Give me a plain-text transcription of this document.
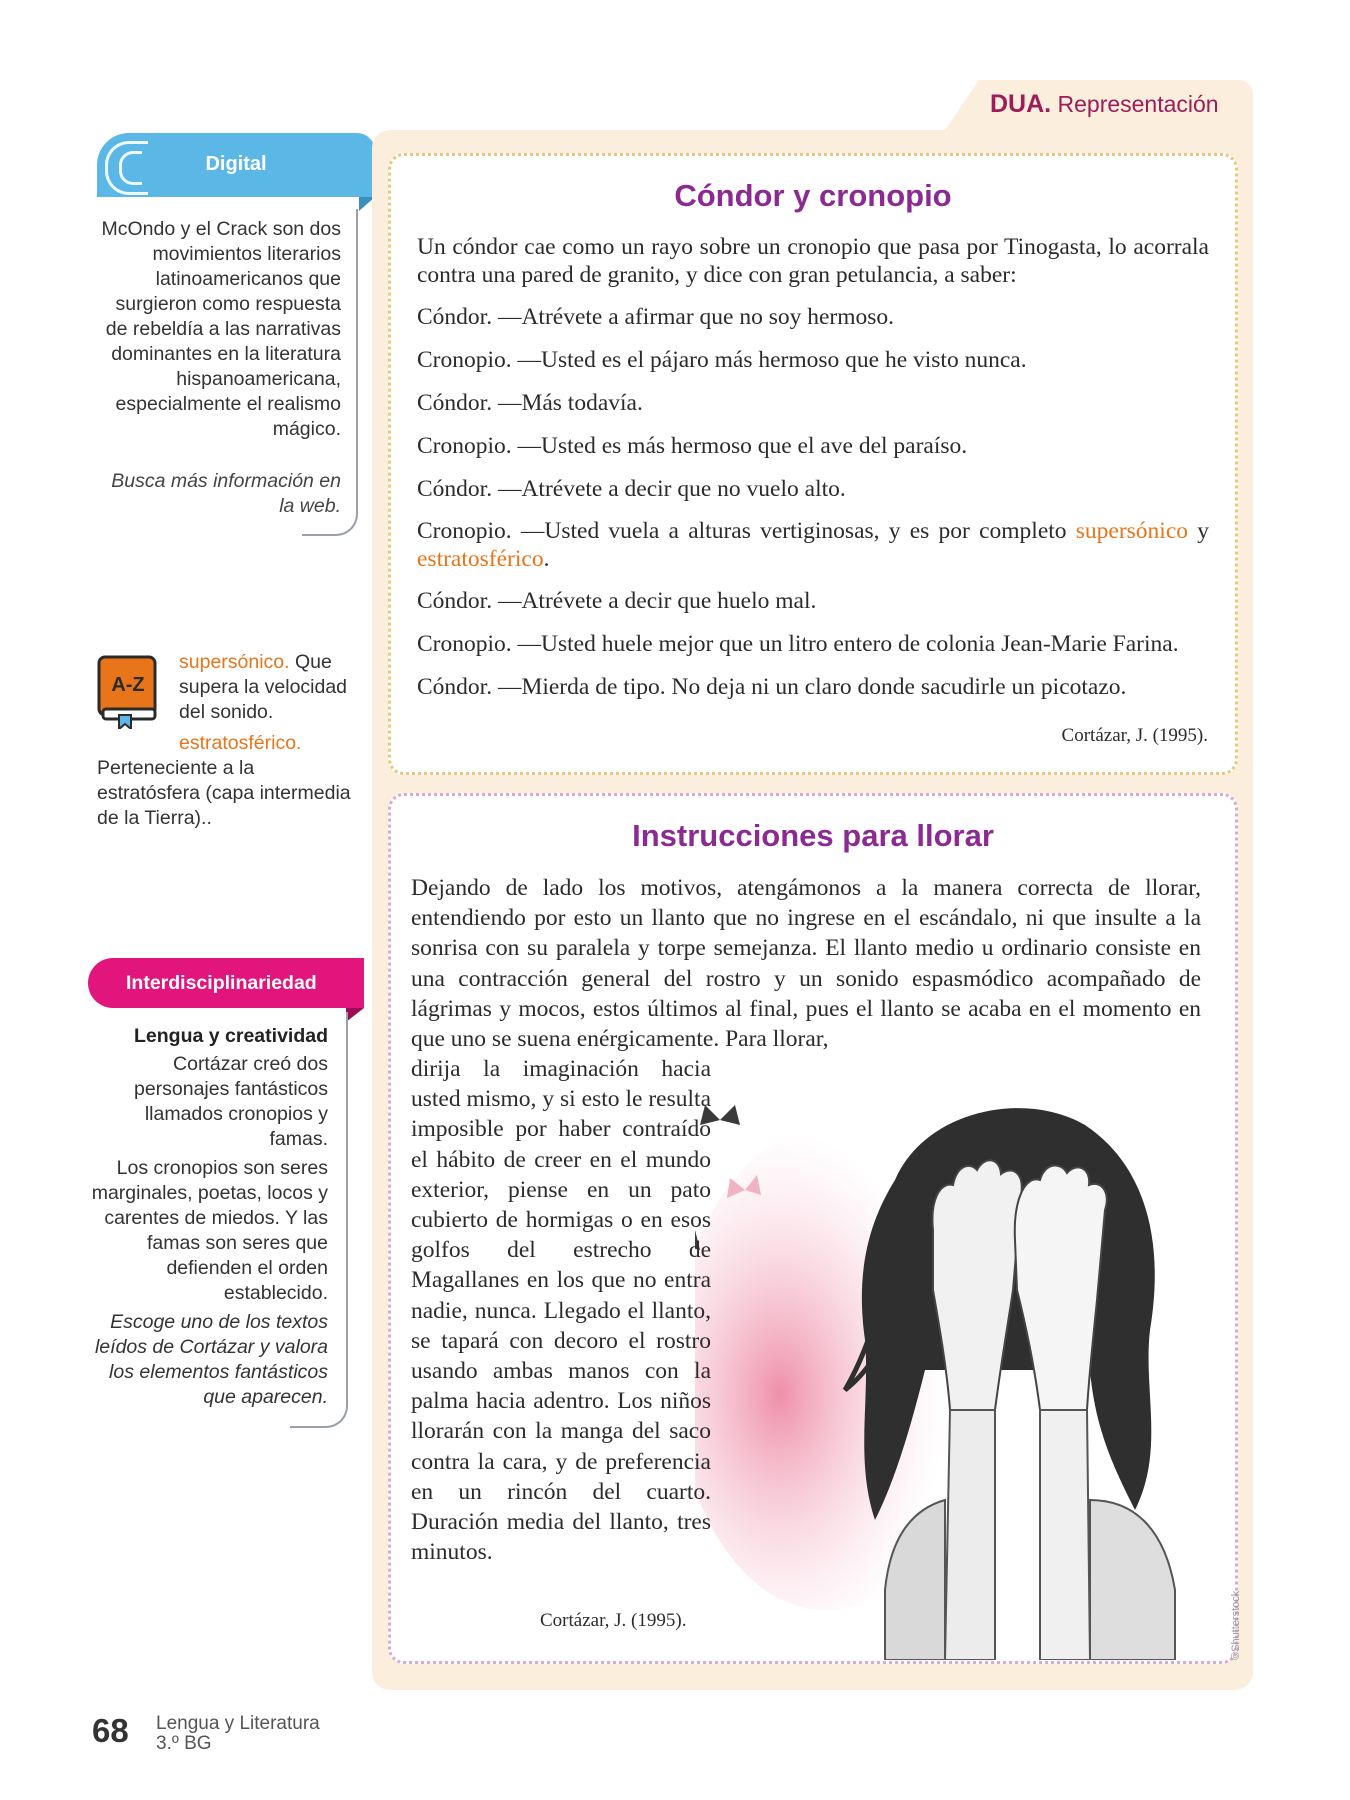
Digital
McOndo y el Crack son dos movimientos literarios latinoamericanos que surgieron como respuesta de rebeldía a las narrativas dominantes en la literatura hispanoamericana, especialmente el realismo mágico.
Busca más información en la web.
A-Z
supersónico. Que supera la velocidad del sonido.
estratosférico.
Perteneciente a la estratósfera (capa intermedia de la Tierra)..
Interdisciplinariedad
Lengua y creatividad

Cortázar creó dos personajes fantásticos llamados cronopios y famas.

Los cronopios son seres marginales, poetas, locos y carentes de miedos. Y las famas son seres que defienden el orden establecido.

Escoge uno de los textos leídos de Cortázar y valora los elementos fantásticos que aparecen.

DUA. Representación
Cóndor y cronopio

Un cóndor cae como un rayo sobre un cronopio que pasa por Tinogasta, lo acorrala contra una pared de granito, y dice con gran petulancia, a saber:

Cóndor. —Atrévete a afirmar que no soy hermoso.

Cronopio. —Usted es el pájaro más hermoso que he visto nunca.

Cóndor. —Más todavía.

Cronopio. —Usted es más hermoso que el ave del paraíso.

Cóndor. —Atrévete a decir que no vuelo alto.

Cronopio. —Usted vuela a alturas vertiginosas, y es por completo supersónico y estratosférico.

Cóndor. —Atrévete a decir que huelo mal.

Cronopio. —Usted huele mejor que un litro entero de colonia Jean-Marie Farina.

Cóndor. —Mierda de tipo. No deja ni un claro donde sacudirle un picotazo.

Cortázar, J. (1995).
Instrucciones para llorar
Dejando de lado los motivos, atengámonos a la manera correcta de llorar, entendiendo por esto un llanto que no ingrese en el escándalo, ni que insulte a la sonrisa con su paralela y torpe semejanza. El llanto medio u ordinario consiste en una contracción general del rostro y un sonido espasmódico acompañado de lágrimas y mocos, estos últimos al final, pues el llanto se acaba en el momento en que uno se suena enérgicamente. Para llorar,
dirija la imaginación hacia usted mismo, y si esto le resulta imposible por haber contraído el hábito de creer en el mundo exterior, piense en un pato cubierto de hormigas o en esos golfos del estrecho de Magallanes en los que no entra nadie, nunca. Llegado el llanto, se tapará con decoro el rostro usando ambas manos con la palma hacia adentro. Los niños llorarán con la manga del saco contra la cara, y de preferencia en un rincón del cuarto. Duración media del llanto, tres minutos.
Cortázar, J. (1995).	©Shutterstock
68 Lengua y Literatura
3.º BG
